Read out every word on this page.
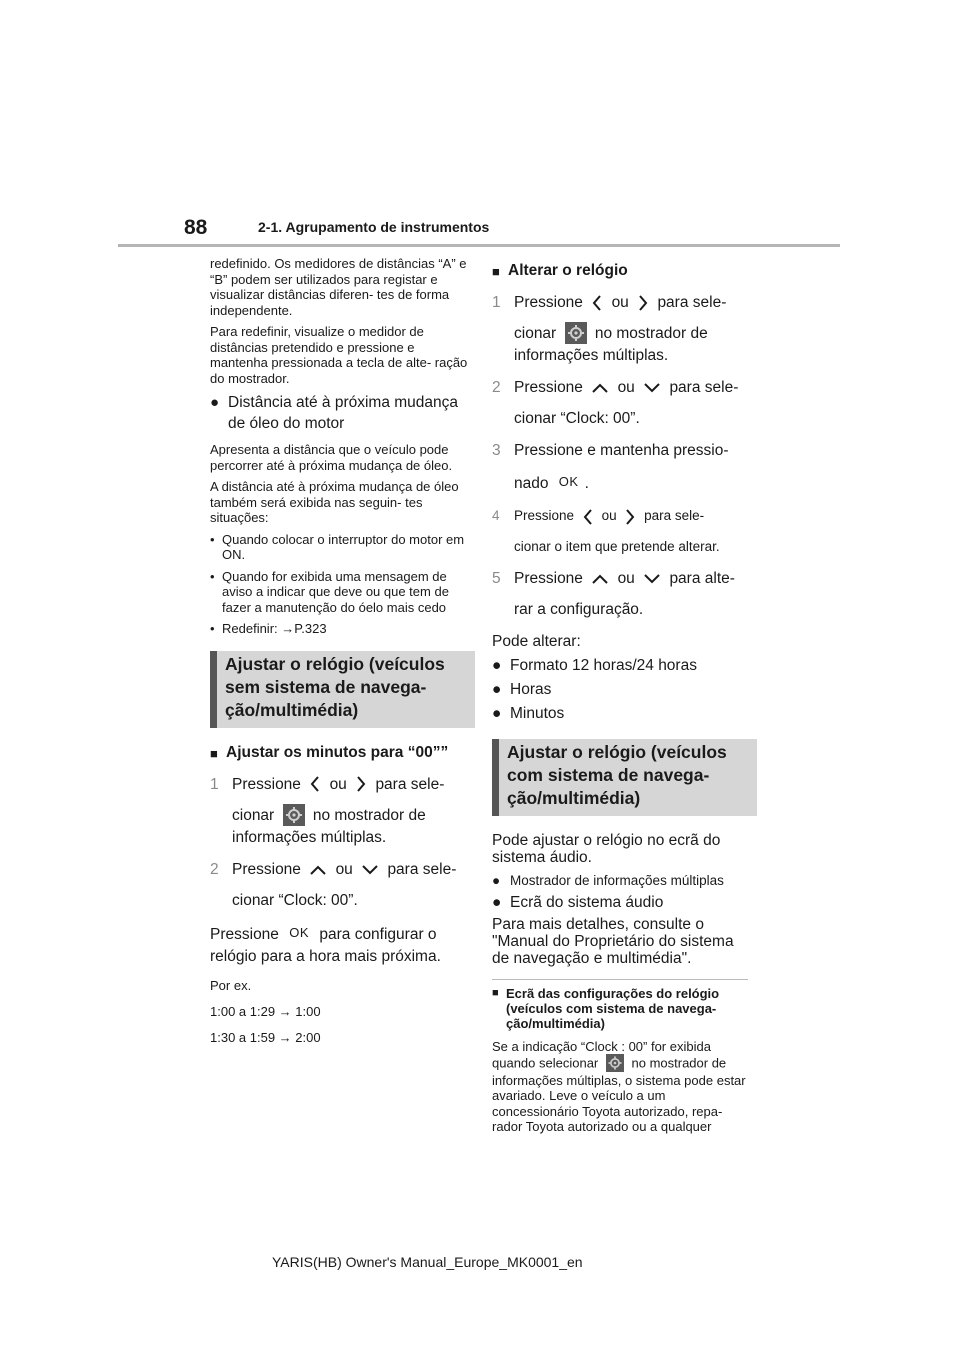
88	2-1. Agrupamento de instrumentos

redefinido. Os medidores de distâncias “A” e “B” podem ser utilizados para registar e visualizar distâncias diferen- tes de forma independente.

Para redefinir, visualize o medidor de distâncias pretendido e pressione e mantenha pressionada a tecla de alte- ração do mostrador.

● Distância até à próxima mudança de óleo do motor

Apresenta a distância que o veículo pode percorrer até à próxima mudança de óleo.

A distância até à próxima mudança de óleo também será exibida nas seguin- tes situações:

• Quando colocar o interruptor do motor em ON.
• Quando for exibida uma mensagem de aviso a indicar que deve ou que tem de fazer a manutenção do óelo mais cedo
• Redefinir: →P.323
Ajustar o relógio (veículos sem sistema de navega- ção/multimédia)
■ Ajustar os minutos para “00””
1 Pressione ou para sele-

cionar no mostrador de informações múltiplas.

2 Pressione ou para sele-

cionar “Clock: 00”.

Pressione OK para configurar o
relógio para a hora mais próxima.

Por ex.

1:00 a 1:29 → 1:00

1:30 a 1:59 → 2:00

■ Alterar o relógio
1 Pressione ou para sele-

cionar no mostrador de informações múltiplas.

2 Pressione ou para sele-

cionar “Clock: 00”.

3 Pressione e mantenha pressio-

nado OK .

4	Pressione ou para sele-

cionar o item que pretende alterar.

5 Pressione ou para alte-

rar a configuração.

Pode alterar:

● Formato 12 horas/24 horas
● Horas
● Minutos
Ajustar o relógio (veículos com sistema de navega- ção/multimédia)

Pode ajustar o relógio no ecrã do sistema áudio.

● Mostrador de informações múltiplas
● Ecrã do sistema áudio

Para mais detalhes, consulte o "Manual do Proprietário do sistema de navegação e multimédia".

■ Ecrã das configurações do relógio (veículos com sistema de navega- ção/multimédia)

Se a indicação “Clock : 00” for exibida quando selecionar	no mostrador de informações múltiplas, o sistema pode estar avariado. Leve o veículo a um concessionário Toyota autorizado, repa- rador Toyota autorizado ou a qualquer

YARIS(HB) Owner's Manual_Europe_MK0001_en
